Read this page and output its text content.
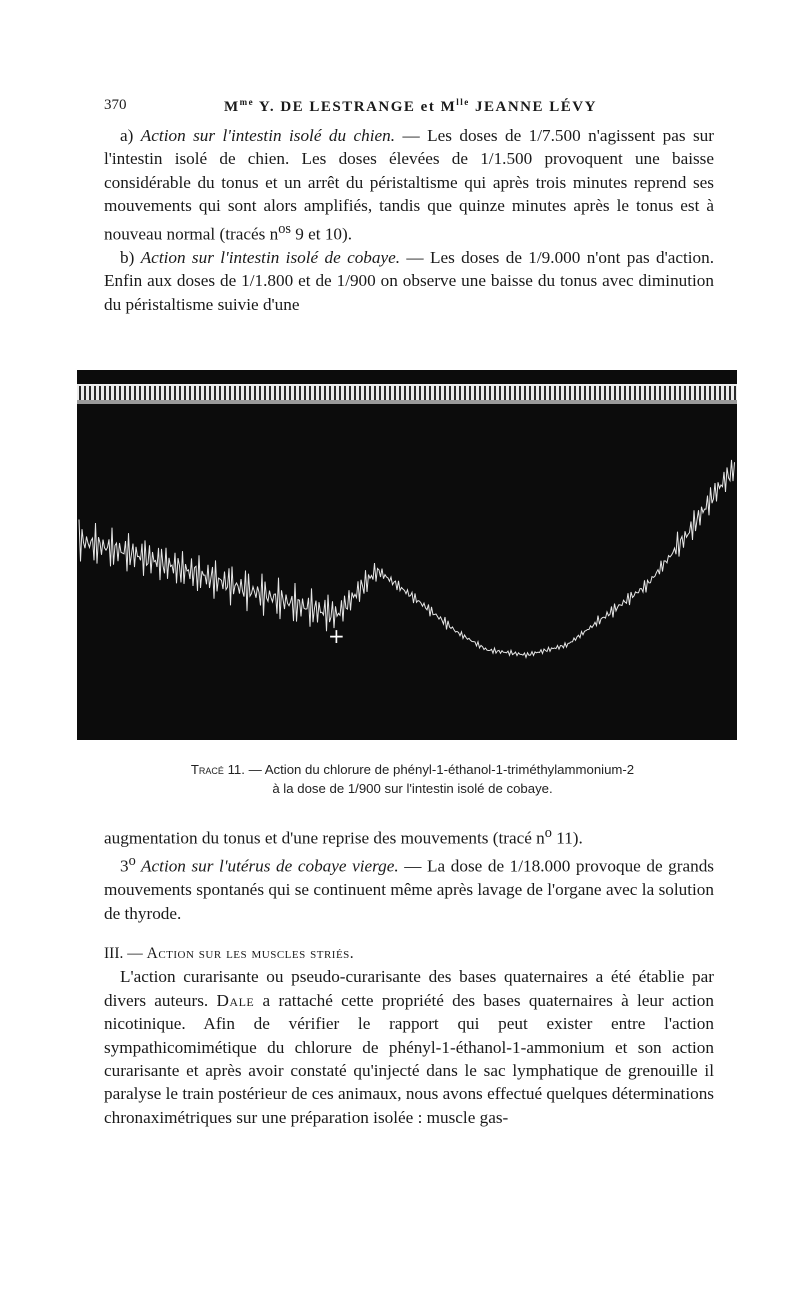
370	$M^{me}$ Y. DE LESTRANGE et $M^{lle}$ JEANNE LÉVY

a) Action sur l'intestin isolé du chien. — Les doses de 1/7.500 n'agissent pas sur l'intestin isolé de chien. Les doses élevées de 1/1.500 provoquent une baisse considérable du tonus et un arrêt du péristaltisme qui après trois minutes reprend ses mouvements qui sont alors amplifiés, tandis que quinze minutes après le tonus est à nouveau normal (tracés $n^{os}$ 9 et 10).

b) Action sur l'intestin isolé de cobaye. — Les doses de 1/9.000 n'ont pas d'action. Enfin aux doses de 1/1.800 et de 1/900 on observe une baisse du tonus avec diminution du péristaltisme suivie d'une

+
Tracé 11. — Action du chlorure de phényl-1-éthanol-1-triméthylammonium-2
à la dose de 1/900 sur l'intestin isolé de cobaye.

augmentation du tonus et d'une reprise des mouvements (tracé $n^o$ 11).

3$^o$ Action sur l'utérus de cobaye vierge. — La dose de 1/18.000 provoque de grands mouvements spontanés qui se continuent même après lavage de l'organe avec la solution de thyrode.

III. — Action sur les muscles striés.

L'action curarisante ou pseudo-curarisante des bases quaternaires a été établie par divers auteurs. Dale a rattaché cette propriété des bases quaternaires à leur action nicotinique. Afin de vérifier le rapport qui peut exister entre l'action sympathicomimétique du chlorure de phényl-1-éthanol-1-ammonium et son action curarisante et après avoir constaté qu'injecté dans le sac lymphatique de grenouille il paralyse le train postérieur de ces animaux, nous avons effectué quelques déterminations chronaximétriques sur une préparation isolée : muscle gas-
